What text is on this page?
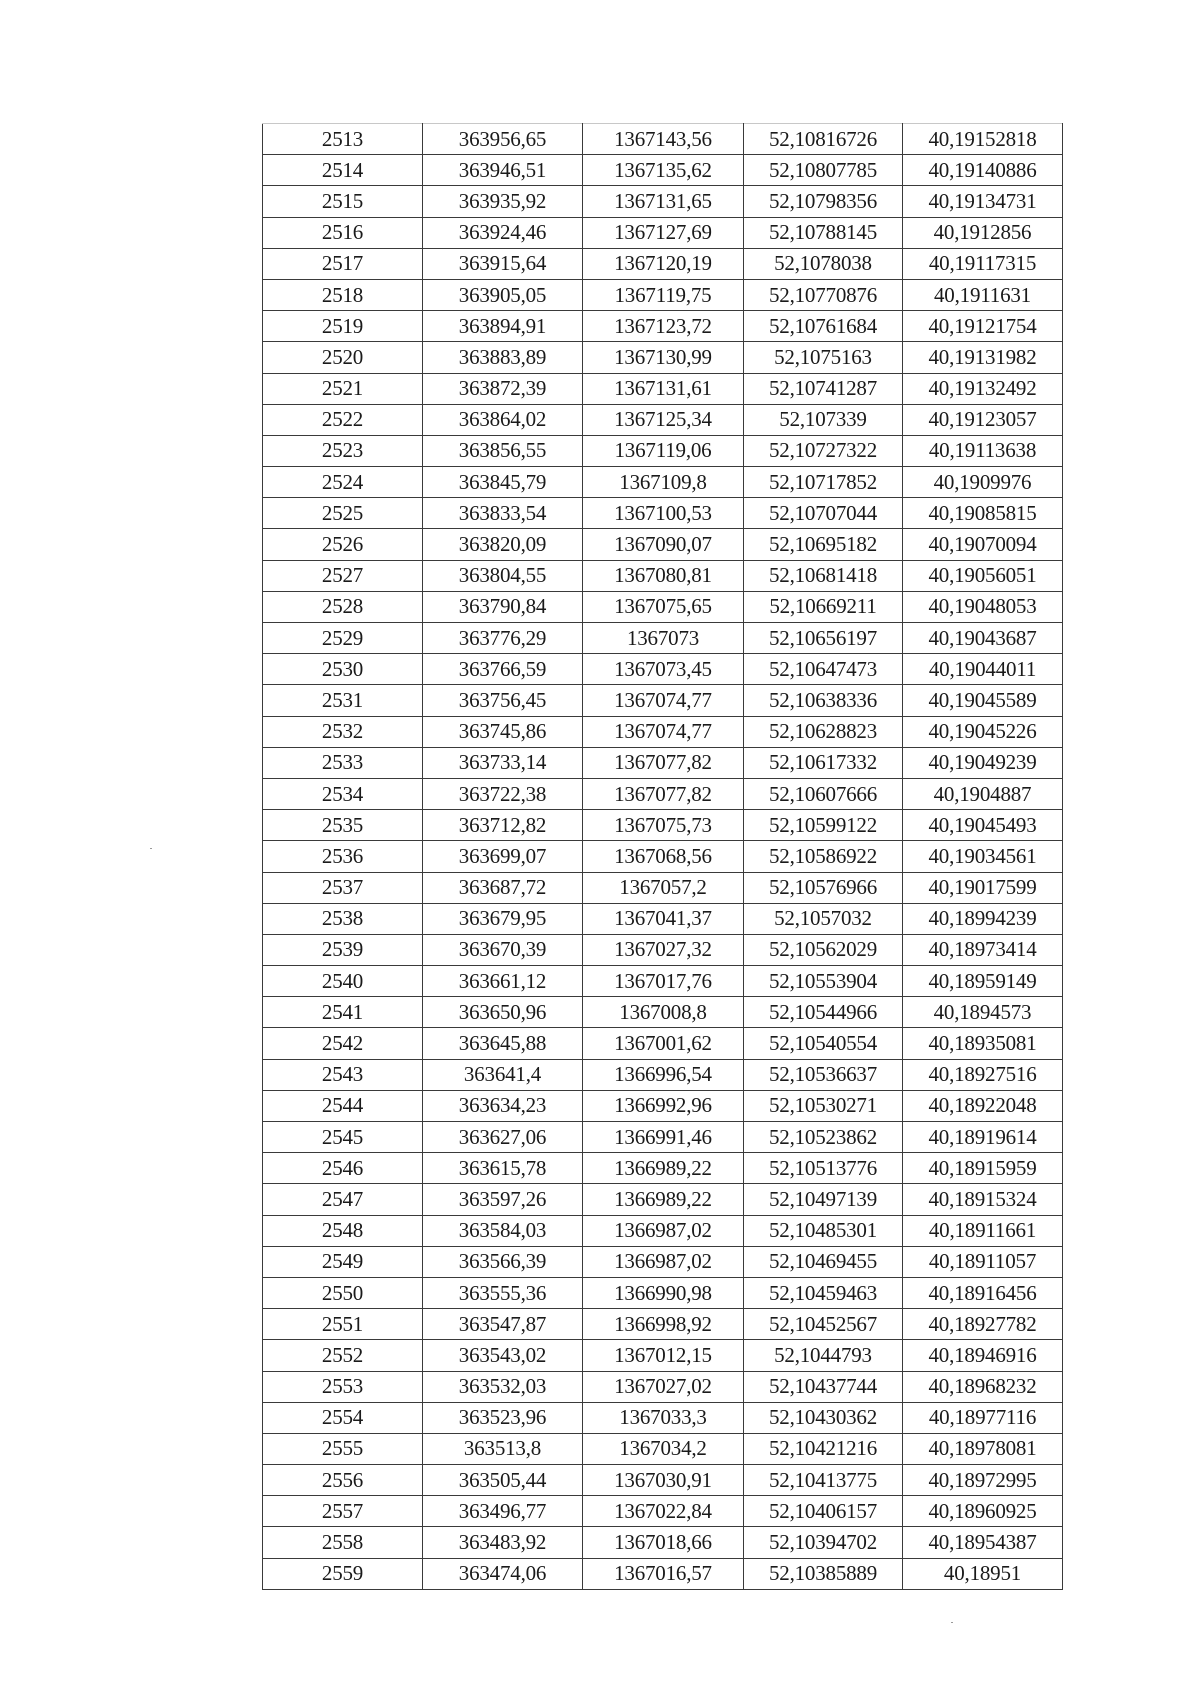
2513	363956,65	1367143,56	52,10816726	40,19152818
2514	363946,51	1367135,62	52,10807785	40,19140886
2515	363935,92	1367131,65	52,10798356	40,19134731
2516	363924,46	1367127,69	52,10788145	40,1912856
2517	363915,64	1367120,19	52,1078038	40,19117315
2518	363905,05	1367119,75	52,10770876	40,1911631
2519	363894,91	1367123,72	52,10761684	40,19121754
2520	363883,89	1367130,99	52,1075163	40,19131982
2521	363872,39	1367131,61	52,10741287	40,19132492
2522	363864,02	1367125,34	52,107339	40,19123057
2523	363856,55	1367119,06	52,10727322	40,19113638
2524	363845,79	1367109,8	52,10717852	40,1909976
2525	363833,54	1367100,53	52,10707044	40,19085815
2526	363820,09	1367090,07	52,10695182	40,19070094
2527	363804,55	1367080,81	52,10681418	40,19056051
2528	363790,84	1367075,65	52,10669211	40,19048053
2529	363776,29	1367073	52,10656197	40,19043687
2530	363766,59	1367073,45	52,10647473	40,19044011
2531	363756,45	1367074,77	52,10638336	40,19045589
2532	363745,86	1367074,77	52,10628823	40,19045226
2533	363733,14	1367077,82	52,10617332	40,19049239
2534	363722,38	1367077,82	52,10607666	40,1904887
2535	363712,82	1367075,73	52,10599122	40,19045493
2536	363699,07	1367068,56	52,10586922	40,19034561
2537	363687,72	1367057,2	52,10576966	40,19017599
2538	363679,95	1367041,37	52,1057032	40,18994239
2539	363670,39	1367027,32	52,10562029	40,18973414
2540	363661,12	1367017,76	52,10553904	40,18959149
2541	363650,96	1367008,8	52,10544966	40,1894573
2542	363645,88	1367001,62	52,10540554	40,18935081
2543	363641,4	1366996,54	52,10536637	40,18927516
2544	363634,23	1366992,96	52,10530271	40,18922048
2545	363627,06	1366991,46	52,10523862	40,18919614
2546	363615,78	1366989,22	52,10513776	40,18915959
2547	363597,26	1366989,22	52,10497139	40,18915324
2548	363584,03	1366987,02	52,10485301	40,18911661
2549	363566,39	1366987,02	52,10469455	40,18911057
2550	363555,36	1366990,98	52,10459463	40,18916456
2551	363547,87	1366998,92	52,10452567	40,18927782
2552	363543,02	1367012,15	52,1044793	40,18946916
2553	363532,03	1367027,02	52,10437744	40,18968232
2554	363523,96	1367033,3	52,10430362	40,18977116
2555	363513,8	1367034,2	52,10421216	40,18978081
2556	363505,44	1367030,91	52,10413775	40,18972995
2557	363496,77	1367022,84	52,10406157	40,18960925
2558	363483,92	1367018,66	52,10394702	40,18954387
2559	363474,06	1367016,57	52,10385889	40,18951
